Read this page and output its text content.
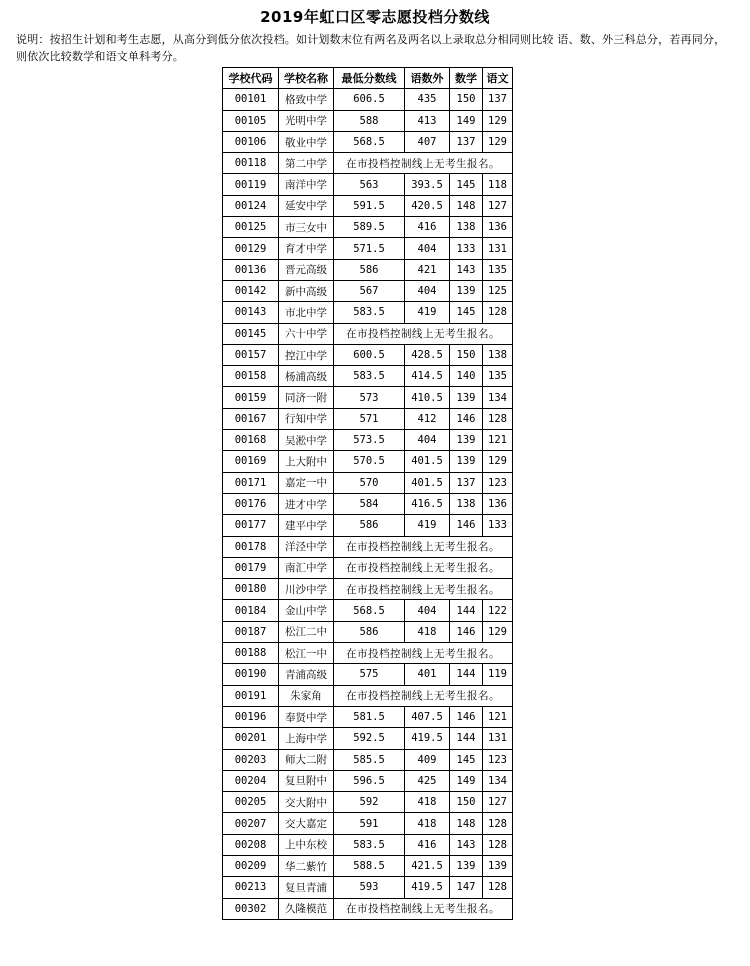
2019年虹口区零志愿投档分数线
说明：按招生计划和考生志愿，从高分到低分依次投档。如计划数末位有两名及两名以上录取总分相同则比较 语、数、外三科总分，若再同分，则依次比较数学和语文单科考分。
学校代码	学校名称	最低分数线	语数外	数学	语文
00101	格致中学	606.5	435	150	137
00105	光明中学	588	413	149	129
00106	敬业中学	568.5	407	137	129
00118	第二中学	在市投档控制线上无考生报名。			
00119	南洋中学	563	393.5	145	118
00124	延安中学	591.5	420.5	148	127
00125	市三女中	589.5	416	138	136
00129	育才中学	571.5	404	133	131
00136	晋元高级	586	421	143	135
00142	新中高级	567	404	139	125
00143	市北中学	583.5	419	145	128
00145	六十中学	在市投档控制线上无考生报名。			
00157	控江中学	600.5	428.5	150	138
00158	杨浦高级	583.5	414.5	140	135
00159	同济一附	573	410.5	139	134
00167	行知中学	571	412	146	128
00168	吴淞中学	573.5	404	139	121
00169	上大附中	570.5	401.5	139	129
00171	嘉定一中	570	401.5	137	123
00176	进才中学	584	416.5	138	136
00177	建平中学	586	419	146	133
00178	洋泾中学	在市投档控制线上无考生报名。			
00179	南汇中学	在市投档控制线上无考生报名。			
00180	川沙中学	在市投档控制线上无考生报名。			
00184	金山中学	568.5	404	144	122
00187	松江二中	586	418	146	129
00188	松江一中	在市投档控制线上无考生报名。			
00190	青浦高级	575	401	144	119
00191	朱家角	在市投档控制线上无考生报名。			
00196	奉贤中学	581.5	407.5	146	121
00201	上海中学	592.5	419.5	144	131
00203	师大二附	585.5	409	145	123
00204	复旦附中	596.5	425	149	134
00205	交大附中	592	418	150	127
00207	交大嘉定	591	418	148	128
00208	上中东校	583.5	416	143	128
00209	华二紫竹	588.5	421.5	139	139
00213	复旦青浦	593	419.5	147	128
00302	久隆模范	在市投档控制线上无考生报名。			
